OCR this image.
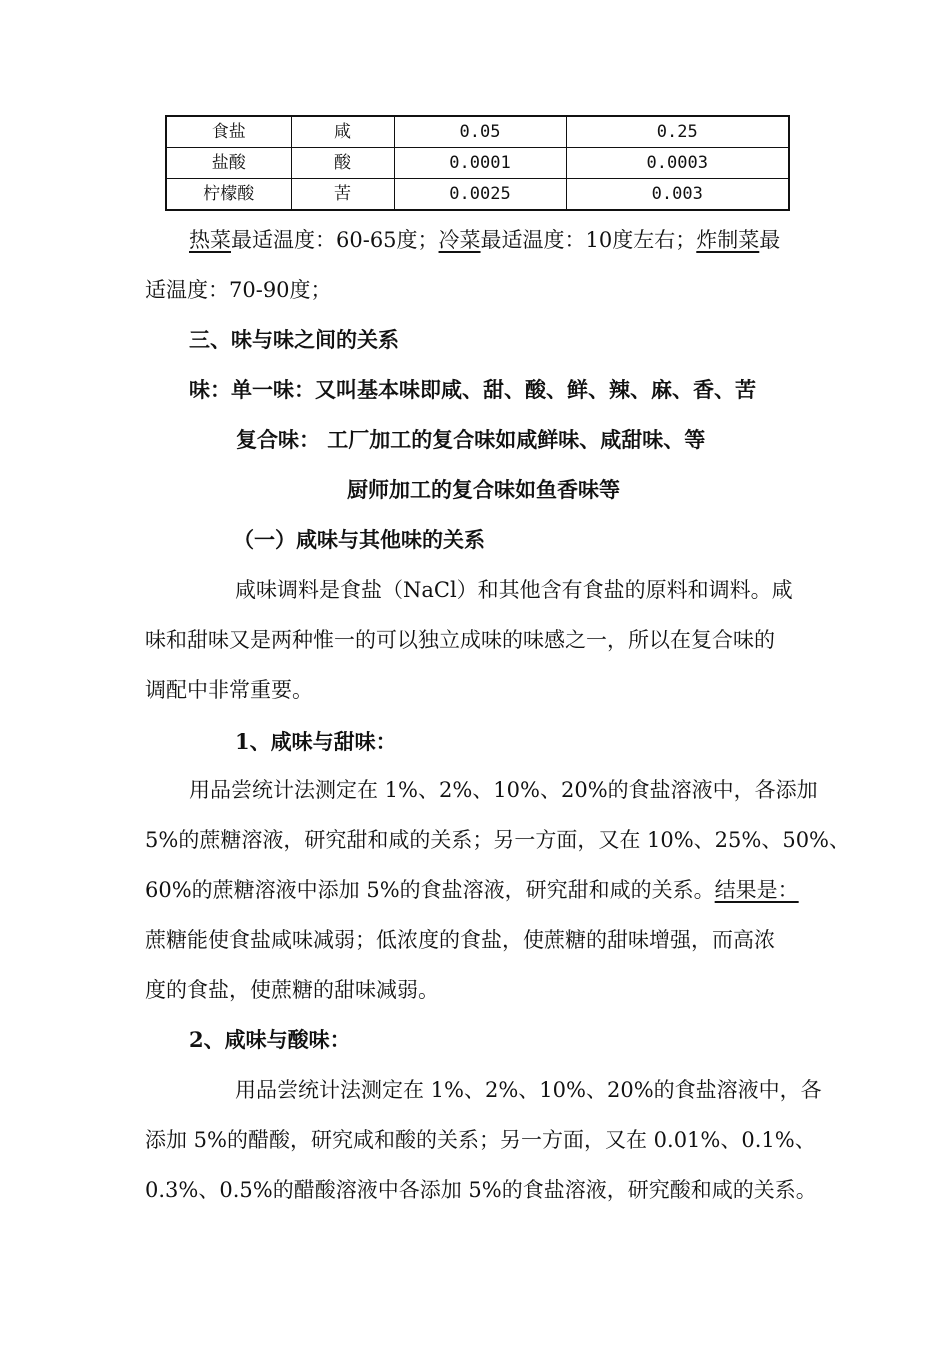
食盐	咸	0.05	0.25
盐酸	酸	0.0001	0.0003
柠檬酸	苦	0.0025	0.003
热菜最适温度：60-65度；冷菜最适温度：10度左右；炸制菜最
适温度：70-90度；
三、味与味之间的关系
味：单一味：又叫基本味即咸、甜、酸、鲜、辣、麻、香、苦
复合味： 工厂加工的复合味如咸鲜味、咸甜味、等
厨师加工的复合味如鱼香味等
（一）咸味与其他味的关系
咸味调料是食盐（NaCl）和其他含有食盐的原料和调料。咸
味和甜味又是两种惟一的可以独立成味的味感之一，所以在复合味的
调配中非常重要。
1、咸味与甜味：
用品尝统计法测定在 1%、2%、10%、20%的食盐溶液中，各添加
5%的蔗糖溶液，研究甜和咸的关系；另一方面，又在 10%、25%、50%、
60%的蔗糖溶液中添加 5%的食盐溶液，研究甜和咸的关系。结果是：
蔗糖能使食盐咸味减弱；低浓度的食盐，使蔗糖的甜味增强，而高浓
度的食盐，使蔗糖的甜味减弱。
2、咸味与酸味：
用品尝统计法测定在 1%、2%、10%、20%的食盐溶液中，各
添加 5%的醋酸，研究咸和酸的关系；另一方面，又在 0.01%、0.1%、
0.3%、0.5%的醋酸溶液中各添加 5%的食盐溶液，研究酸和咸的关系。
